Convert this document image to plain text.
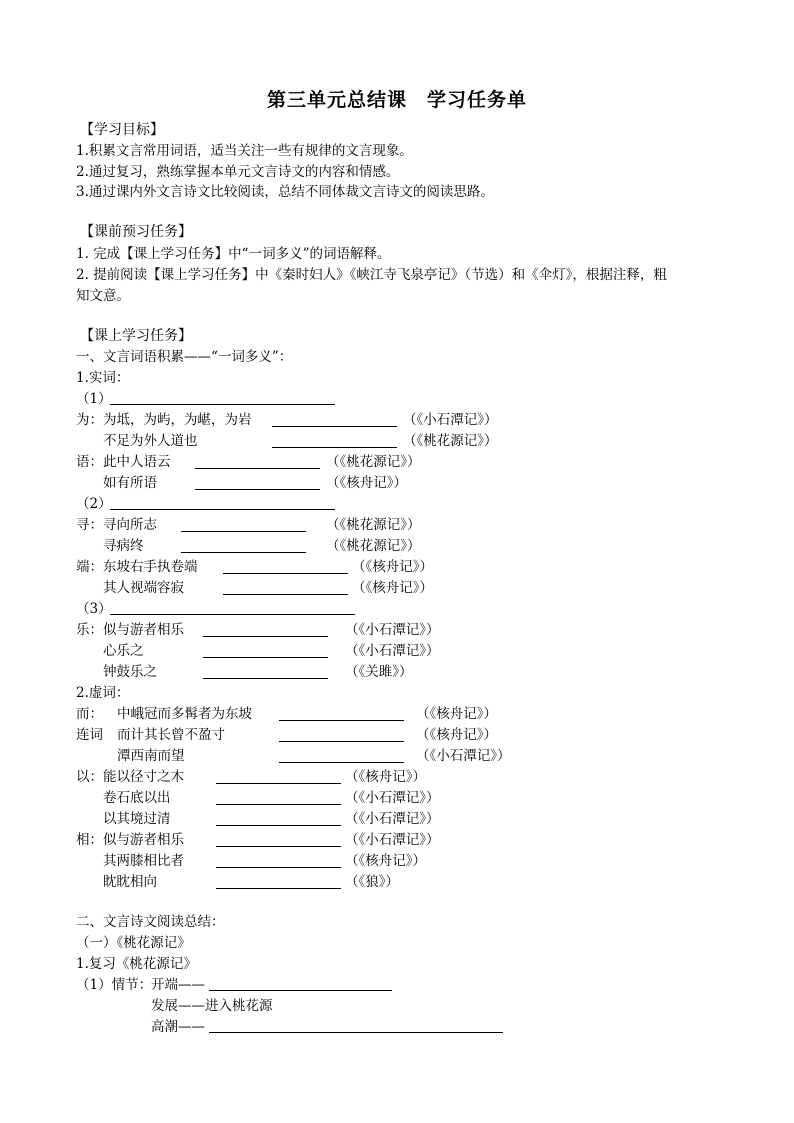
第三单元总结课　学习任务单
【学习目标】
1.积累文言常用词语，适当关注一些有规律的文言现象。
2.通过复习，熟练掌握本单元文言诗文的内容和情感。
3.通过课内外文言诗文比较阅读，总结不同体裁文言诗文的阅读思路。
【课前预习任务】
1. 完成【课上学习任务】中“一词多义”的词语解释。
2. 提前阅读【课上学习任务】中《秦时妇人》《峡江寺飞泉亭记》（节选）和《伞灯》，根据注释，粗
知文意。
【课上学习任务】
一、文言词语积累——“一词多义”：
1.实词：
（1）
为： 为坻，为屿，为嵁，为岩	（《小石潭记》）
不足为外人道也	（《桃花源记》）
语： 此中人语云	（《桃花源记》）
如有所语	（《核舟记》）
（2）
寻： 寻向所志	（《桃花源记》）
寻病终	（《桃花源记》）
端： 东坡右手执卷端	（《核舟记》）
其人视端容寂	（《核舟记》）
（3）
乐： 似与游者相乐	（《小石潭记》）
心乐之	（《小石潭记》）
钟鼓乐之	（《关雎》）
2.虚词：
而： 中峨冠而多髯者为东坡	（《核舟记》）
连词 而计其长曾不盈寸	（《核舟记》）
潭西南而望	（《小石潭记》）
以： 能以径寸之木	（《核舟记》）
卷石底以出	（《小石潭记》）
以其境过清	（《小石潭记》）
相： 似与游者相乐	（《小石潭记》）
其两膝相比者	（《核舟记》）
眈眈相向	（《狼》）
二、文言诗文阅读总结：
（一）《桃花源记》
1.复习《桃花源记》
（1）情节：
开端——
发展——进入桃花源
高潮——
